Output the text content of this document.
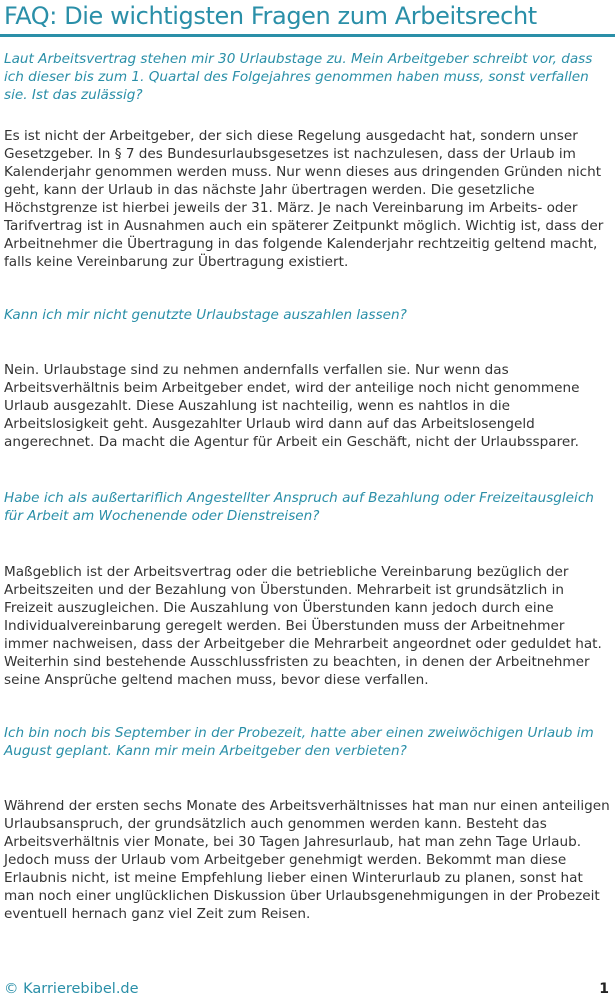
FAQ: Die wichtigsten Fragen zum Arbeitsrecht

Laut Arbeitsvertrag stehen mir 30 Urlaubstage zu. Mein Arbeitgeber schreibt vor, dass ich dieser bis zum 1. Quartal des Folgejahres genommen haben muss, sonst verfallen sie. Ist das zulässig?

Es ist nicht der Arbeitgeber, der sich diese Regelung ausgedacht hat, sondern unser Gesetzgeber. In § 7 des Bundesurlaubsgesetzes ist nachzulesen, dass der Urlaub im Kalenderjahr genommen werden muss. Nur wenn dieses aus dringenden Gründen nicht geht, kann der Urlaub in das nächste Jahr übertragen werden. Die gesetzliche Höchstgrenze ist hierbei jeweils der 31. März. Je nach Vereinbarung im Arbeits- oder Tarifvertrag ist in Ausnahmen auch ein späterer Zeitpunkt möglich. Wichtig ist, dass der Arbeitnehmer die Übertragung in das folgende Kalenderjahr rechtzeitig geltend macht, falls keine Vereinbarung zur Übertragung existiert.

Kann ich mir nicht genutzte Urlaubstage auszahlen lassen?

Nein. Urlaubstage sind zu nehmen andernfalls verfallen sie. Nur wenn das Arbeitsverhältnis beim Arbeitgeber endet, wird der anteilige noch nicht genommene Urlaub ausgezahlt. Diese Auszahlung ist nachteilig, wenn es nahtlos in die Arbeitslosigkeit geht. Ausgezahlter Urlaub wird dann auf das Arbeitslosengeld angerechnet. Da macht die Agentur für Arbeit ein Geschäft, nicht der Urlaubssparer.

Habe ich als außertariflich Angestellter Anspruch auf Bezahlung oder Freizeitausgleich für Arbeit am Wochenende oder Dienstreisen?

Maßgeblich ist der Arbeitsvertrag oder die betriebliche Vereinbarung bezüglich der Arbeitszeiten und der Bezahlung von Überstunden. Mehrarbeit ist grundsätzlich in Freizeit auszugleichen. Die Auszahlung von Überstunden kann jedoch durch eine Individualvereinbarung geregelt werden. Bei Überstunden muss der Arbeitnehmer immer nachweisen, dass der Arbeitgeber die Mehrarbeit angeordnet oder geduldet hat. Weiterhin sind bestehende Ausschlussfristen zu beachten, in denen der Arbeitnehmer seine Ansprüche geltend machen muss, bevor diese verfallen.

Ich bin noch bis September in der Probezeit, hatte aber einen zweiwöchigen Urlaub im August geplant. Kann mir mein Arbeitgeber den verbieten?

Während der ersten sechs Monate des Arbeitsverhältnisses hat man nur einen anteiligen Urlaubsanspruch, der grundsätzlich auch genommen werden kann. Besteht das Arbeitsverhältnis vier Monate, bei 30 Tagen Jahresurlaub, hat man zehn Tage Urlaub. Jedoch muss der Urlaub vom Arbeitgeber genehmigt werden. Bekommt man diese Erlaubnis nicht, ist meine Empfehlung lieber einen Winterurlaub zu planen, sonst hat man noch einer unglücklichen Diskussion über Urlaubsgenehmigungen in der Probezeit eventuell hernach ganz viel Zeit zum Reisen.

© Karrierebibel.de	1
